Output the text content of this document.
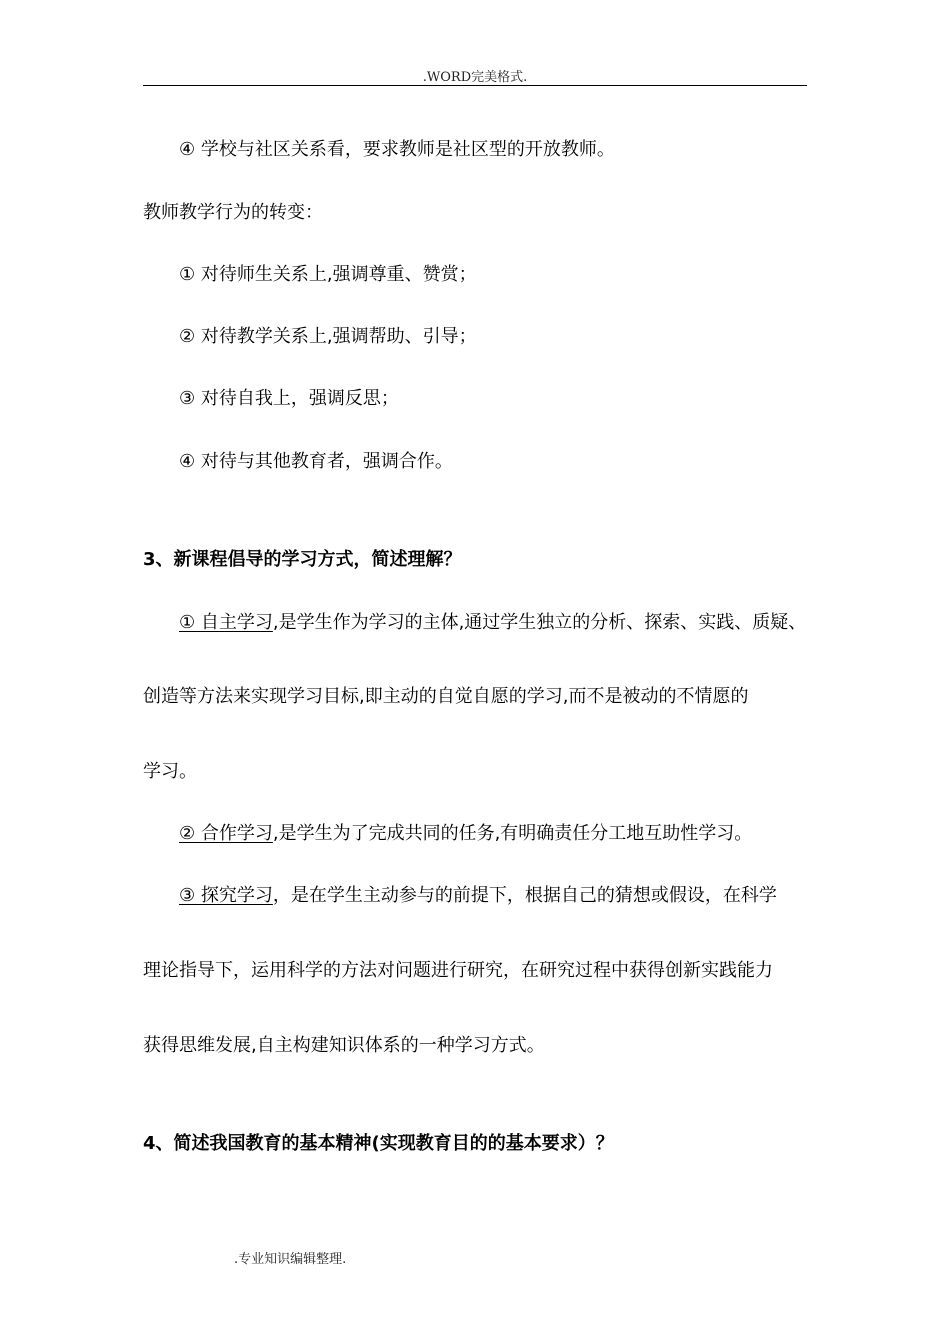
.WORD完美格式.
④ 学校与社区关系看，要求教师是社区型的开放教师。
教师教学行为的转变：
① 对待师生关系上,强调尊重、赞赏；
② 对待教学关系上,强调帮助、引导；
③ 对待自我上，强调反思；
④ 对待与其他教育者，强调合作。
3、新课程倡导的学习方式，简述理解？
① 自主学习,是学生作为学习的主体,通过学生独立的分析、探索、实践、质疑、
创造等方法来实现学习目标,即主动的自觉自愿的学习,而不是被动的不情愿的
学习。
② 合作学习,是学生为了完成共同的任务,有明确责任分工地互助性学习。
③ 探究学习，是在学生主动参与的前提下，根据自己的猜想或假设，在科学
理论指导下，运用科学的方法对问题进行研究，在研究过程中获得创新实践能力
获得思维发展,自主构建知识体系的一种学习方式。
4、简述我国教育的基本精神(实现教育目的的基本要求）？
.专业知识编辑整理.
